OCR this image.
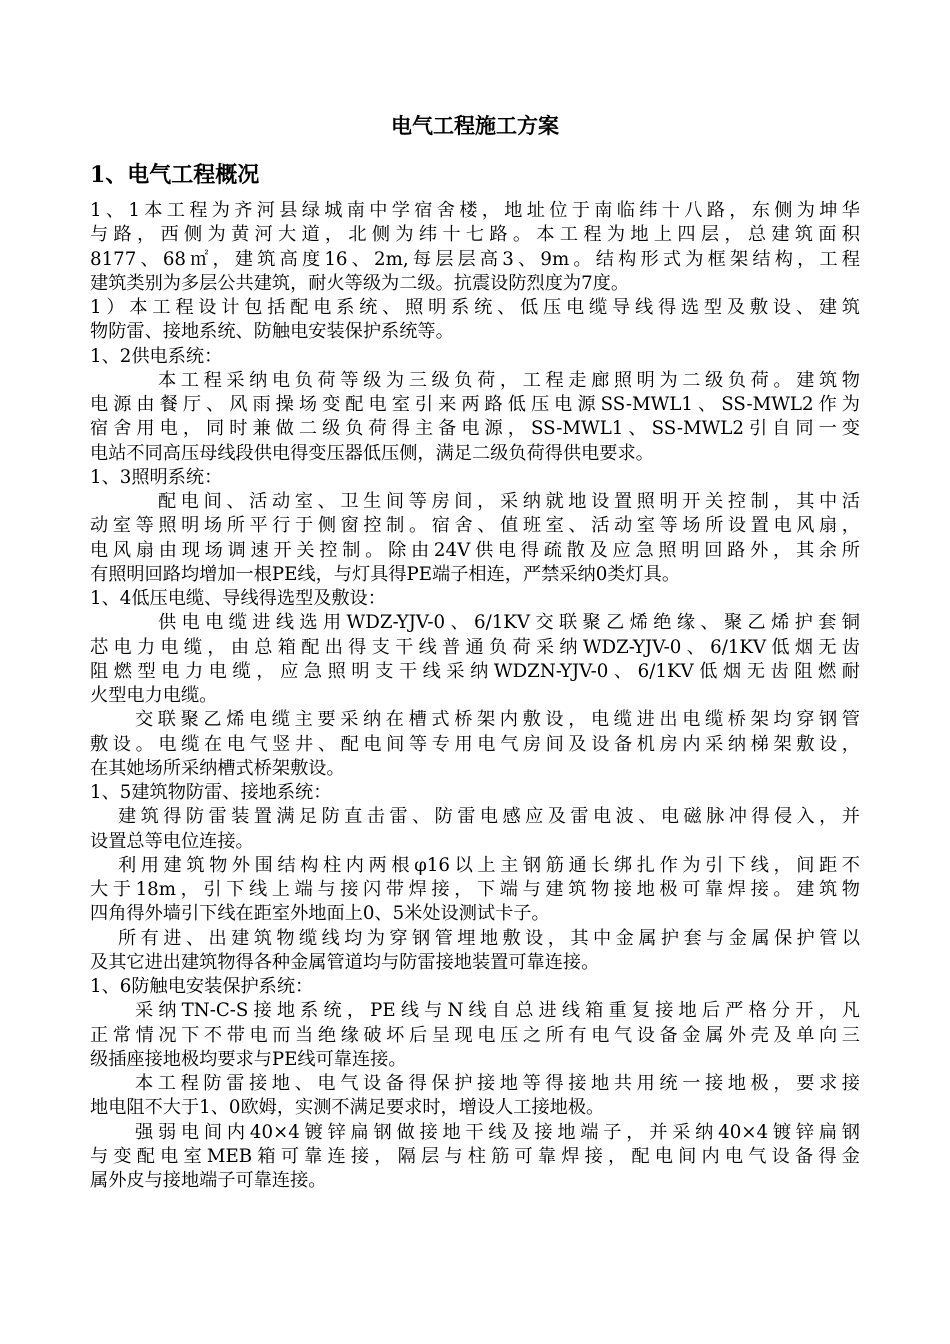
电气工程施工方案
1、电气工程概况
1、1本工程为齐河县绿城南中学宿舍楼，地址位于南临纬十八路，东侧为坤华
与路，西侧为黄河大道，北侧为纬十七路。本工程为地上四层，总建筑面积
8177、68㎡，建筑高度16、2m,每层层高3、9m。结构形式为框架结构，工程
建筑类别为多层公共建筑，耐火等级为二级。抗震设防烈度为7度。
1）本工程设计包括配电系统、照明系统、低压电缆导线得选型及敷设、建筑
物防雷、接地系统、防触电安装保护系统等。
1、2供电系统：
本工程采纳电负荷等级为三级负荷，工程走廊照明为二级负荷。建筑物
电源由餐厅、风雨操场变配电室引来两路低压电源SS-MWL1、SS-MWL2作为
宿舍用电，同时兼做二级负荷得主备电源，SS-MWL1、SS-MWL2引自同一变
电站不同高压母线段供电得变压器低压侧，满足二级负荷得供电要求。
1、3照明系统：
配电间、活动室、卫生间等房间，采纳就地设置照明开关控制，其中活
动室等照明场所平行于侧窗控制。宿舍、值班室、活动室等场所设置电风扇，
电风扇由现场调速开关控制。除由24V供电得疏散及应急照明回路外，其余所
有照明回路均增加一根PE线，与灯具得PE端子相连，严禁采纳0类灯具。
1、4低压电缆、导线得选型及敷设：
供电电缆进线选用WDZ-YJV-0、6/1KV交联聚乙烯绝缘、聚乙烯护套铜
芯电力电缆，由总箱配出得支干线普通负荷采纳WDZ-YJV-0、6/1KV低烟无齿
阻燃型电力电缆，应急照明支干线采纳WDZN-YJV-0、6/1KV低烟无齿阻燃耐
火型电力电缆。
交联聚乙烯电缆主要采纳在槽式桥架内敷设，电缆进出电缆桥架均穿钢管
敷设。电缆在电气竖井、配电间等专用电气房间及设备机房内采纳梯架敷设，
在其她场所采纳槽式桥架敷设。
1、5建筑物防雷、接地系统：
建筑得防雷装置满足防直击雷、防雷电感应及雷电波、电磁脉冲得侵入，并
设置总等电位连接。
利用建筑物外围结构柱内两根φ16以上主钢筋通长绑扎作为引下线，间距不
大于18m，引下线上端与接闪带焊接，下端与建筑物接地极可靠焊接。建筑物
四角得外墙引下线在距室外地面上0、5米处设测试卡子。
所有进、出建筑物缆线均为穿钢管埋地敷设，其中金属护套与金属保护管以
及其它进出建筑物得各种金属管道均与防雷接地装置可靠连接。
1、6防触电安装保护系统：
采纳TN-C-S接地系统，PE线与N线自总进线箱重复接地后严格分开，凡
正常情况下不带电而当绝缘破坏后呈现电压之所有电气设备金属外壳及单向三
级插座接地极均要求与PE线可靠连接。
本工程防雷接地、电气设备得保护接地等得接地共用统一接地极，要求接
地电阻不大于1、0欧姆，实测不满足要求时，增设人工接地极。
强弱电间内40×4镀锌扁钢做接地干线及接地端子，并采纳40×4镀锌扁钢
与变配电室MEB箱可靠连接，隔层与柱筋可靠焊接，配电间内电气设备得金
属外皮与接地端子可靠连接。
